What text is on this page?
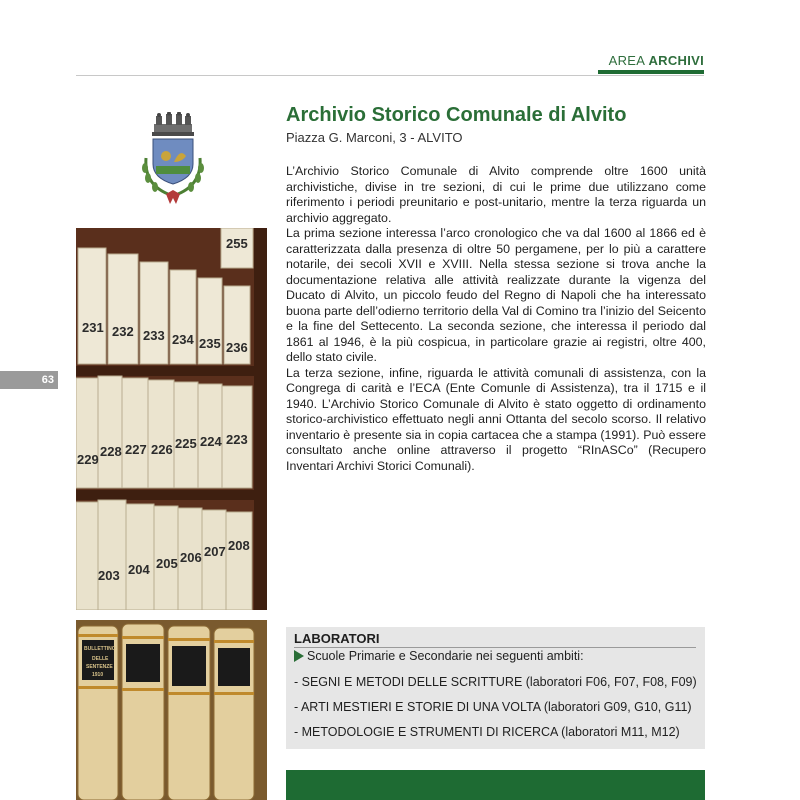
AREA ARCHIVI
Archivio Storico Comunale di Alvito
Piazza G. Marconi, 3 - ALVITO

L’Archivio Storico Comunale di Alvito comprende oltre 1600 unità archivistiche, divise in tre sezioni, di cui le prime due utilizzano come riferimento i periodi preunitario e post-unitario, mentre la terza riguarda un archivio aggregato.

La prima sezione interessa l’arco cronologico che va dal 1600 al 1866 ed è caratterizzata dalla presenza di oltre 50 pergamene, per lo più a carattere notarile, dei secoli XVII e XVIII. Nella stessa sezione si trova anche la documentazione relativa alle attività realizzate durante la vigenza del Ducato di Alvito, un piccolo feudo del Regno di Napoli che ha interessato buona parte dell’odierno territorio della Val di Comino tra l’inizio del Seicento e la fine del Settecento. La seconda sezione, che interessa il periodo dal 1861 al 1946, è la più cospicua, in particolare grazie ai registri, oltre 400, dello stato civile.

La terza sezione, infine, riguarda le attività comunali di assistenza, con la Congrega di carità e l’ECA (Ente Comunle di Assistenza), tra il 1715 e il 1940. L’Archivio Storico Comunale di Alvito è stato oggetto di ordinamento storico-archivistico effettuato negli anni Ottanta del secolo scorso. Il relativo inventario è presente sia in copia cartacea che a stampa (1991). Può essere consultato anche online attraverso il progetto “RInASCo” (Recupero Inventari Archivi Storici Comunali).

63
255
231 232 233 234 235 236
229
228 227 226 225 224 223
203 204 205 206 207 208
BULLETTINO
DELLE
SENTENZE
1910
LABORATORI
Scuole Primarie e Secondarie nei seguenti ambiti:
- SEGNI E METODI DELLE SCRITTURE (laboratori F06, F07, F08, F09)
- ARTI MESTIERI E STORIE DI UNA VOLTA (laboratori G09, G10, G11)
- METODOLOGIE E STRUMENTI DI RICERCA (laboratori M11, M12)
